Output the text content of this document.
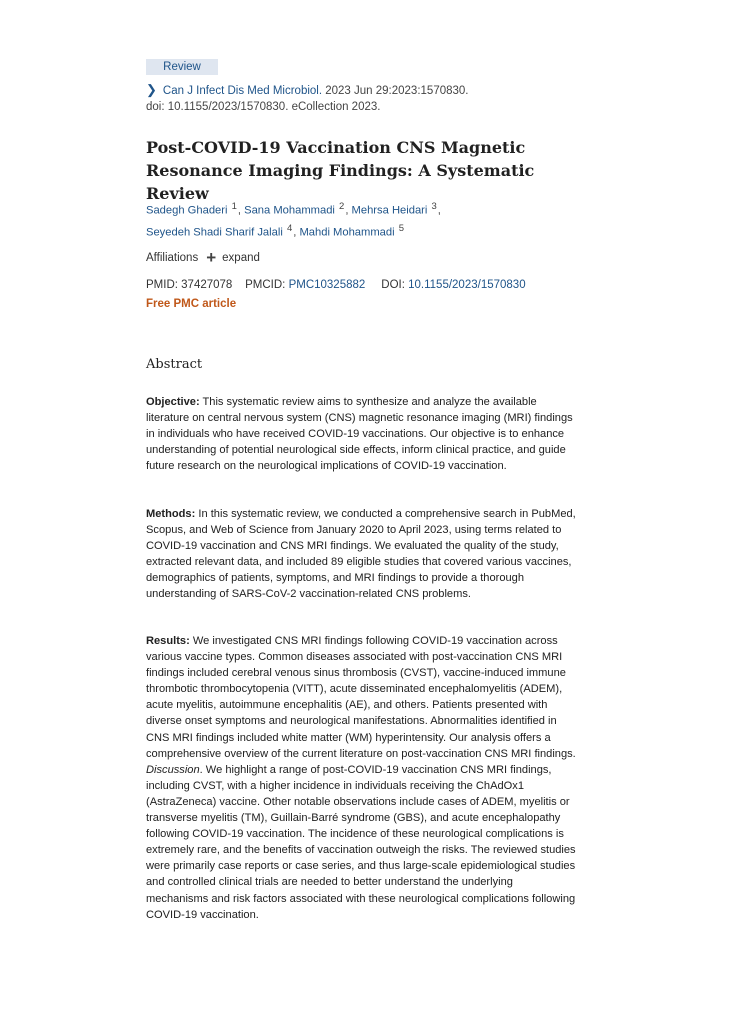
Review
❯ Can J Infect Dis Med Microbiol. 2023 Jun 29:2023:1570830.
doi: 10.1155/2023/1570830. eCollection 2023.
Post-COVID-19 Vaccination CNS Magnetic Resonance Imaging Findings: A Systematic Review
Sadegh Ghaderi $^1$, Sana Mohammadi $^2$, Mehrsa Heidari $^3$,
Seyedeh Shadi Sharif Jalali $^4$, Mahdi Mohammadi $^5$
Affiliations + expand
PMID: 37427078 PMCID: PMC10325882 DOI: 10.1155/2023/1570830
Free PMC article
Abstract
Objective: This systematic review aims to synthesize and analyze the available literature on central nervous system (CNS) magnetic resonance imaging (MRI) findings in individuals who have received COVID-19 vaccinations. Our objective is to enhance understanding of potential neurological side effects, inform clinical practice, and guide future research on the neurological implications of COVID-19 vaccination.
Methods: In this systematic review, we conducted a comprehensive search in PubMed, Scopus, and Web of Science from January 2020 to April 2023, using terms related to COVID-19 vaccination and CNS MRI findings. We evaluated the quality of the study, extracted relevant data, and included 89 eligible studies that covered various vaccines, demographics of patients, symptoms, and MRI findings to provide a thorough understanding of SARS-CoV-2 vaccination-related CNS problems.
Results: We investigated CNS MRI findings following COVID-19 vaccination across various vaccine types. Common diseases associated with post-vaccination CNS MRI findings included cerebral venous sinus thrombosis (CVST), vaccine-induced immune thrombotic thrombocytopenia (VITT), acute disseminated encephalomyelitis (ADEM), acute myelitis, autoimmune encephalitis (AE), and others. Patients presented with diverse onset symptoms and neurological manifestations. Abnormalities identified in CNS MRI findings included white matter (WM) hyperintensity. Our analysis offers a comprehensive overview of the current literature on post-vaccination CNS MRI findings. Discussion. We highlight a range of post-COVID-19 vaccination CNS MRI findings, including CVST, with a higher incidence in individuals receiving the ChAdOx1 (AstraZeneca) vaccine. Other notable observations include cases of ADEM, myelitis or transverse myelitis (TM), Guillain-Barré syndrome (GBS), and acute encephalopathy following COVID-19 vaccination. The incidence of these neurological complications is extremely rare, and the benefits of vaccination outweigh the risks. The reviewed studies were primarily case reports or case series, and thus large-scale epidemiological studies and controlled clinical trials are needed to better understand the underlying mechanisms and risk factors associated with these neurological complications following COVID-19 vaccination.
